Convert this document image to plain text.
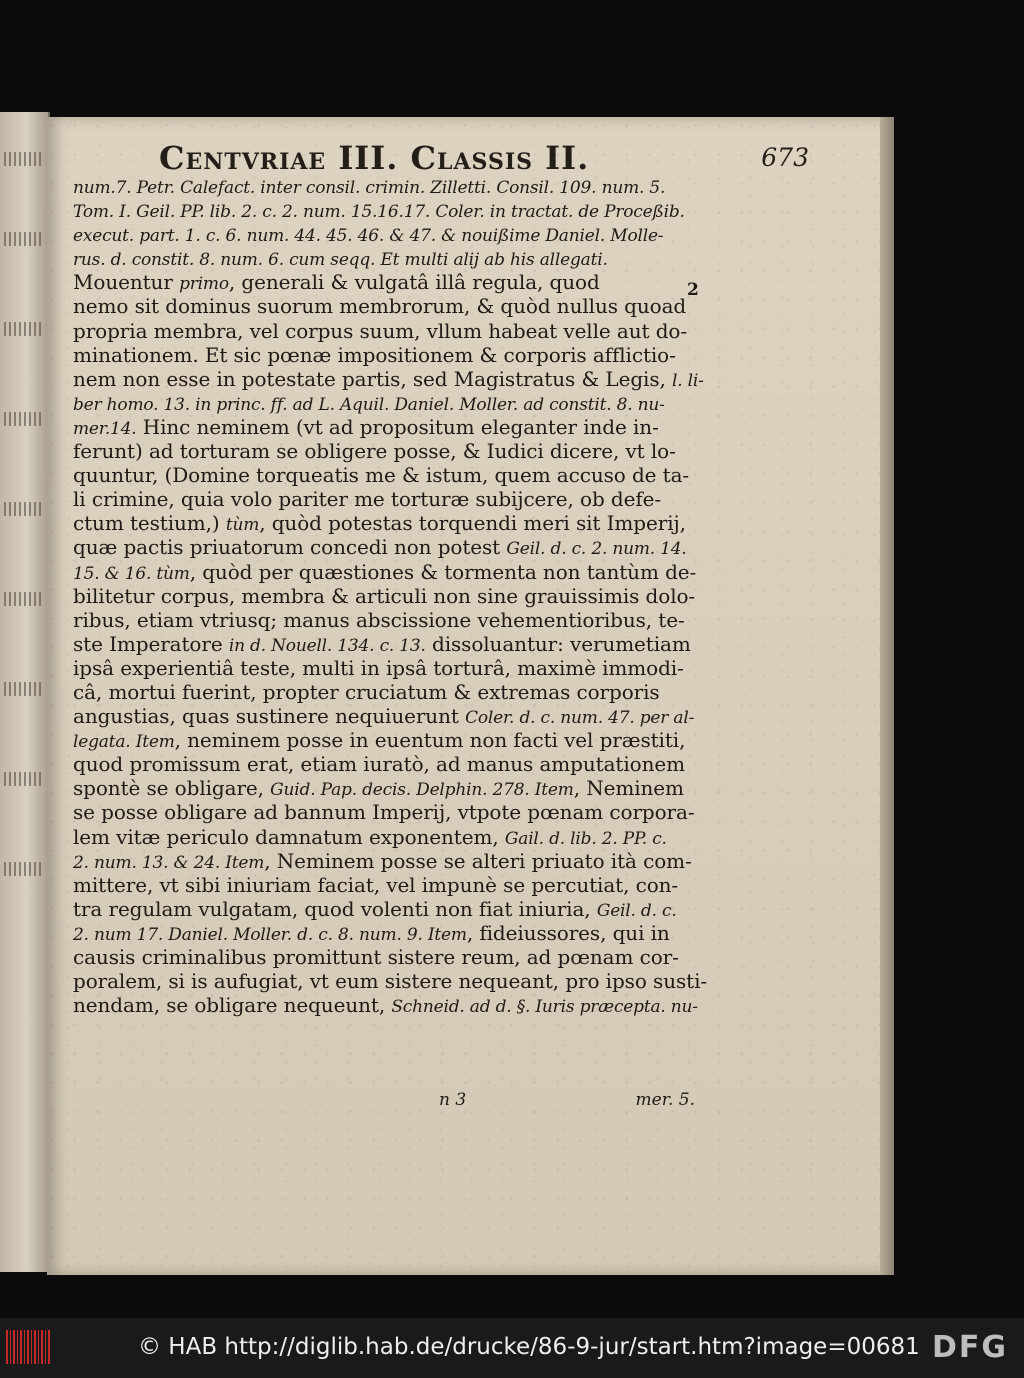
Centvriae III. Classis II.	673
num.7. Petr. Calefact. inter consil. crimin. Zilletti. Consil. 109. num. 5.
Tom. I. Geil. PP. lib. 2. c. 2. num. 15.16.17. Coler. in tractat. de Proceßib.
execut. part. 1. c. 6. num. 44. 45. 46. & 47. & nouißime Daniel. Molle-
rus. d. constit. 8. num. 6. cum seqq. Et multi alij ab his allegati.
Mouentur primo, generali & vulgatâ illâ regula, quod
nemo sit dominus suorum membrorum, & quòd nullus quoad
propria membra, vel corpus suum, vllum habeat velle aut do-
minationem. Et sic pœnæ impositionem & corporis afflictio-
nem non esse in potestate partis, sed Magistratus & Legis, l. li-
ber homo. 13. in princ. ff. ad L. Aquil. Daniel. Moller. ad constit. 8. nu-
mer.14. Hinc neminem (vt ad propositum eleganter inde in-
ferunt) ad torturam se obligere posse, & Iudici dicere, vt lo-
quuntur, (Domine torqueatis me & istum, quem accuso de ta-
li crimine, quia volo pariter me torturæ subijcere, ob defe-
ctum testium,) tùm, quòd potestas torquendi meri sit Imperij,
quæ pactis priuatorum concedi non potest Geil. d. c. 2. num. 14.
15. & 16. tùm, quòd per quæstiones & tormenta non tantùm de-
bilitetur corpus, membra & articuli non sine grauissimis dolo-
ribus, etiam vtriusq; manus abscissione vehementioribus, te-
ste Imperatore in d. Nouell. 134. c. 13. dissoluantur: verumetiam
ipsâ experientiâ teste, multi in ipsâ torturâ, maximè immodi-
câ, mortui fuerint, propter cruciatum & extremas corporis
angustias, quas sustinere nequiuerunt Coler. d. c. num. 47. per al-
legata. Item, neminem posse in euentum non facti vel præstiti,
quod promissum erat, etiam iuratò, ad manus amputationem
spontè se obligare, Guid. Pap. decis. Delphin. 278. Item, Neminem
se posse obligare ad bannum Imperij, vtpote pœnam corpora-
lem vitæ periculo damnatum exponentem, Gail. d. lib. 2. PP. c.
2. num. 13. & 24. Item, Neminem posse se alteri priuato ità com-
mittere, vt sibi iniuriam faciat, vel impunè se percutiat, con-
tra regulam vulgatam, quod volenti non fiat iniuria, Geil. d. c.
2. num 17. Daniel. Moller. d. c. 8. num. 9. Item, fideiussores, qui in
causis criminalibus promittunt sistere reum, ad pœnam cor-
poralem, si is aufugiat, vt eum sistere nequeant, pro ipso susti-
nendam, se obligare nequeunt, Schneid. ad d. §. Iuris præcepta. nu-
n 3	mer. 5.
2
© HAB http://diglib.hab.de/drucke/86-9-jur/start.htm?image=00681 DFG
